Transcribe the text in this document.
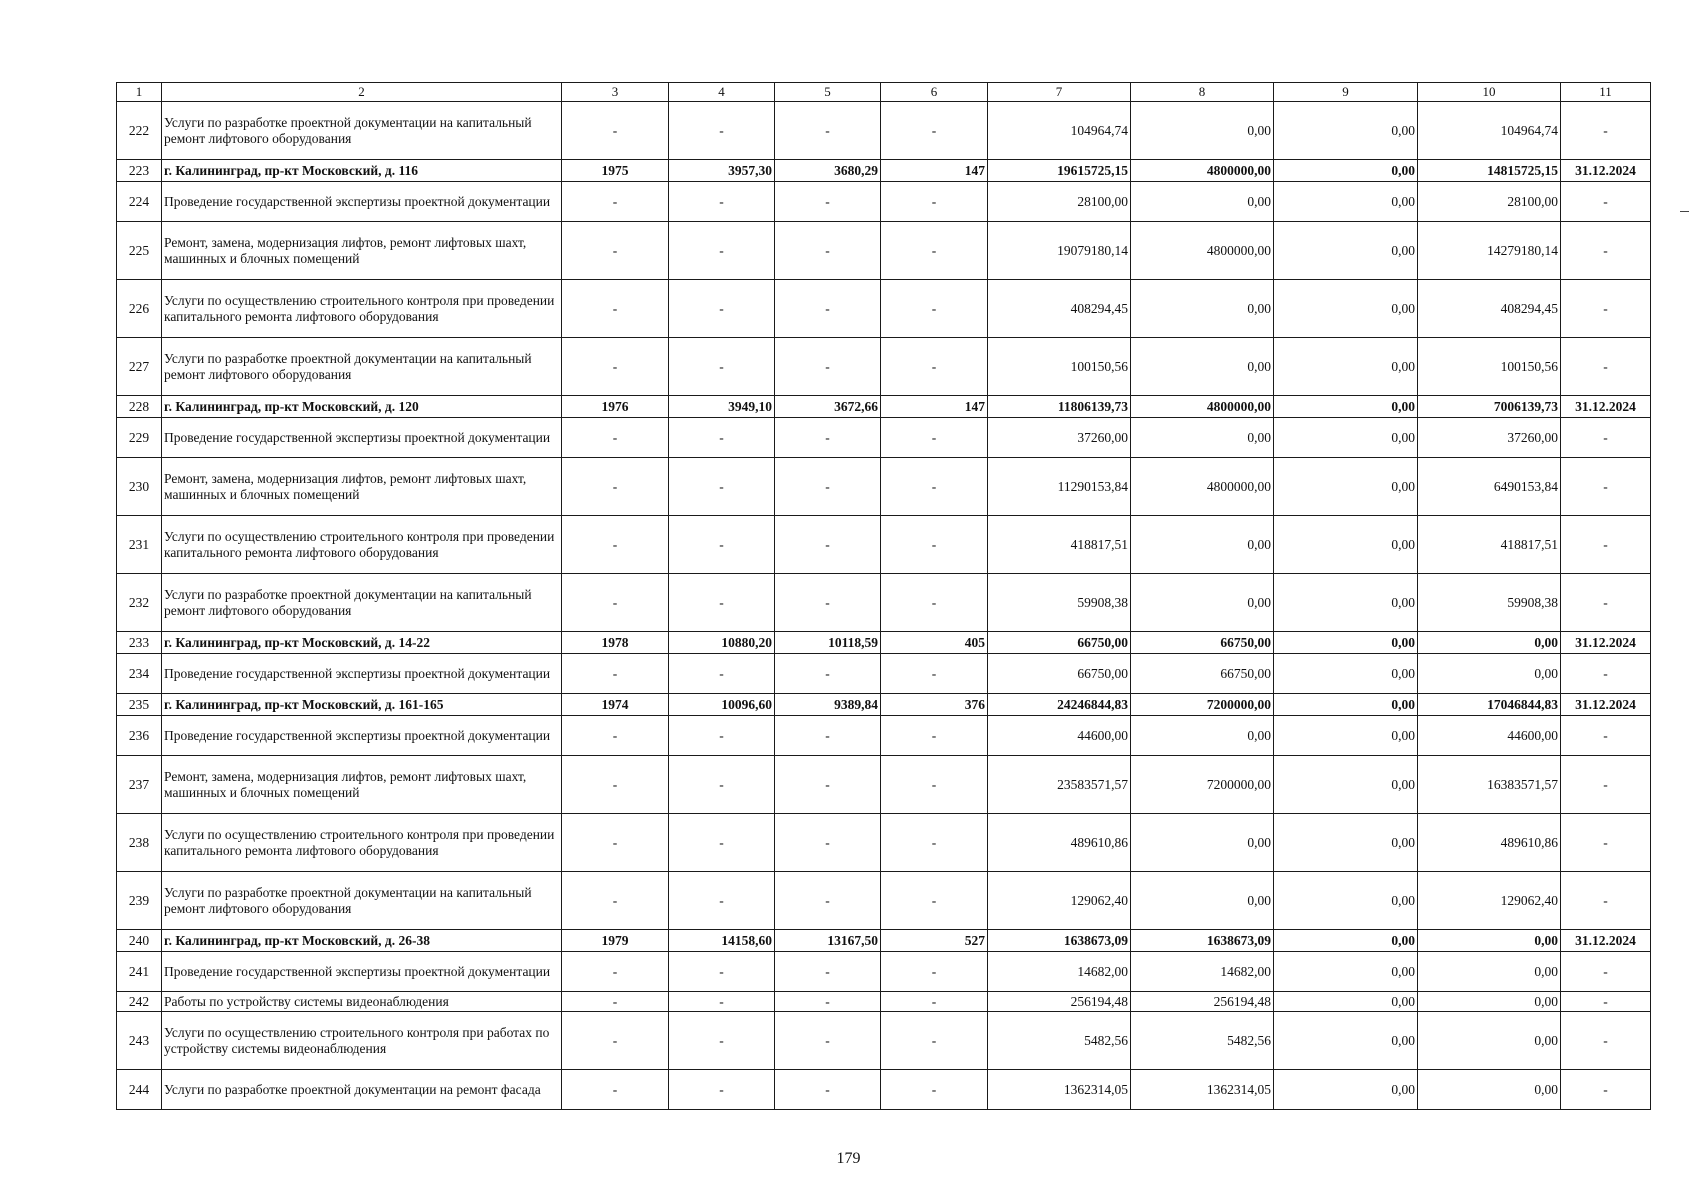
1	2	3	4	5	6	7	8	9	10	11
222	Услуги по разработке проектной документации на капитальный ремонт лифтового оборудования	-	-	-	-	104964,74	0,00	0,00	104964,74	-
223	г. Калининград, пр-кт Московский, д. 116	1975	3957,30	3680,29	147	19615725,15	4800000,00	0,00	14815725,15	31.12.2024
224	Проведение государственной экспертизы проектной документации	-	-	-	-	28100,00	0,00	0,00	28100,00	-
225	Ремонт, замена, модернизация лифтов, ремонт лифтовых шахт, машинных и блочных помещений	-	-	-	-	19079180,14	4800000,00	0,00	14279180,14	-
226	Услуги по осуществлению строительного контроля при проведении капитального ремонта лифтового оборудования	-	-	-	-	408294,45	0,00	0,00	408294,45	-
227	Услуги по разработке проектной документации на капитальный ремонт лифтового оборудования	-	-	-	-	100150,56	0,00	0,00	100150,56	-
228	г. Калининград, пр-кт Московский, д. 120	1976	3949,10	3672,66	147	11806139,73	4800000,00	0,00	7006139,73	31.12.2024
229	Проведение государственной экспертизы проектной документации	-	-	-	-	37260,00	0,00	0,00	37260,00	-
230	Ремонт, замена, модернизация лифтов, ремонт лифтовых шахт, машинных и блочных помещений	-	-	-	-	11290153,84	4800000,00	0,00	6490153,84	-
231	Услуги по осуществлению строительного контроля при проведении капитального ремонта лифтового оборудования	-	-	-	-	418817,51	0,00	0,00	418817,51	-
232	Услуги по разработке проектной документации на капитальный ремонт лифтового оборудования	-	-	-	-	59908,38	0,00	0,00	59908,38	-
233	г. Калининград, пр-кт Московский, д. 14-22	1978	10880,20	10118,59	405	66750,00	66750,00	0,00	0,00	31.12.2024
234	Проведение государственной экспертизы проектной документации	-	-	-	-	66750,00	66750,00	0,00	0,00	-
235	г. Калининград, пр-кт Московский, д. 161-165	1974	10096,60	9389,84	376	24246844,83	7200000,00	0,00	17046844,83	31.12.2024
236	Проведение государственной экспертизы проектной документации	-	-	-	-	44600,00	0,00	0,00	44600,00	-
237	Ремонт, замена, модернизация лифтов, ремонт лифтовых шахт, машинных и блочных помещений	-	-	-	-	23583571,57	7200000,00	0,00	16383571,57	-
238	Услуги по осуществлению строительного контроля при проведении капитального ремонта лифтового оборудования	-	-	-	-	489610,86	0,00	0,00	489610,86	-
239	Услуги по разработке проектной документации на капитальный ремонт лифтового оборудования	-	-	-	-	129062,40	0,00	0,00	129062,40	-
240	г. Калининград, пр-кт Московский, д. 26-38	1979	14158,60	13167,50	527	1638673,09	1638673,09	0,00	0,00	31.12.2024
241	Проведение государственной экспертизы проектной документации	-	-	-	-	14682,00	14682,00	0,00	0,00	-
242	Работы по устройству системы видеонаблюдения	-	-	-	-	256194,48	256194,48	0,00	0,00	-
243	Услуги по осуществлению строительного контроля при работах по устройству системы видеонаблюдения	-	-	-	-	5482,56	5482,56	0,00	0,00	-
244	Услуги по разработке проектной документации на ремонт фасада	-	-	-	-	1362314,05	1362314,05	0,00	0,00	-
179
